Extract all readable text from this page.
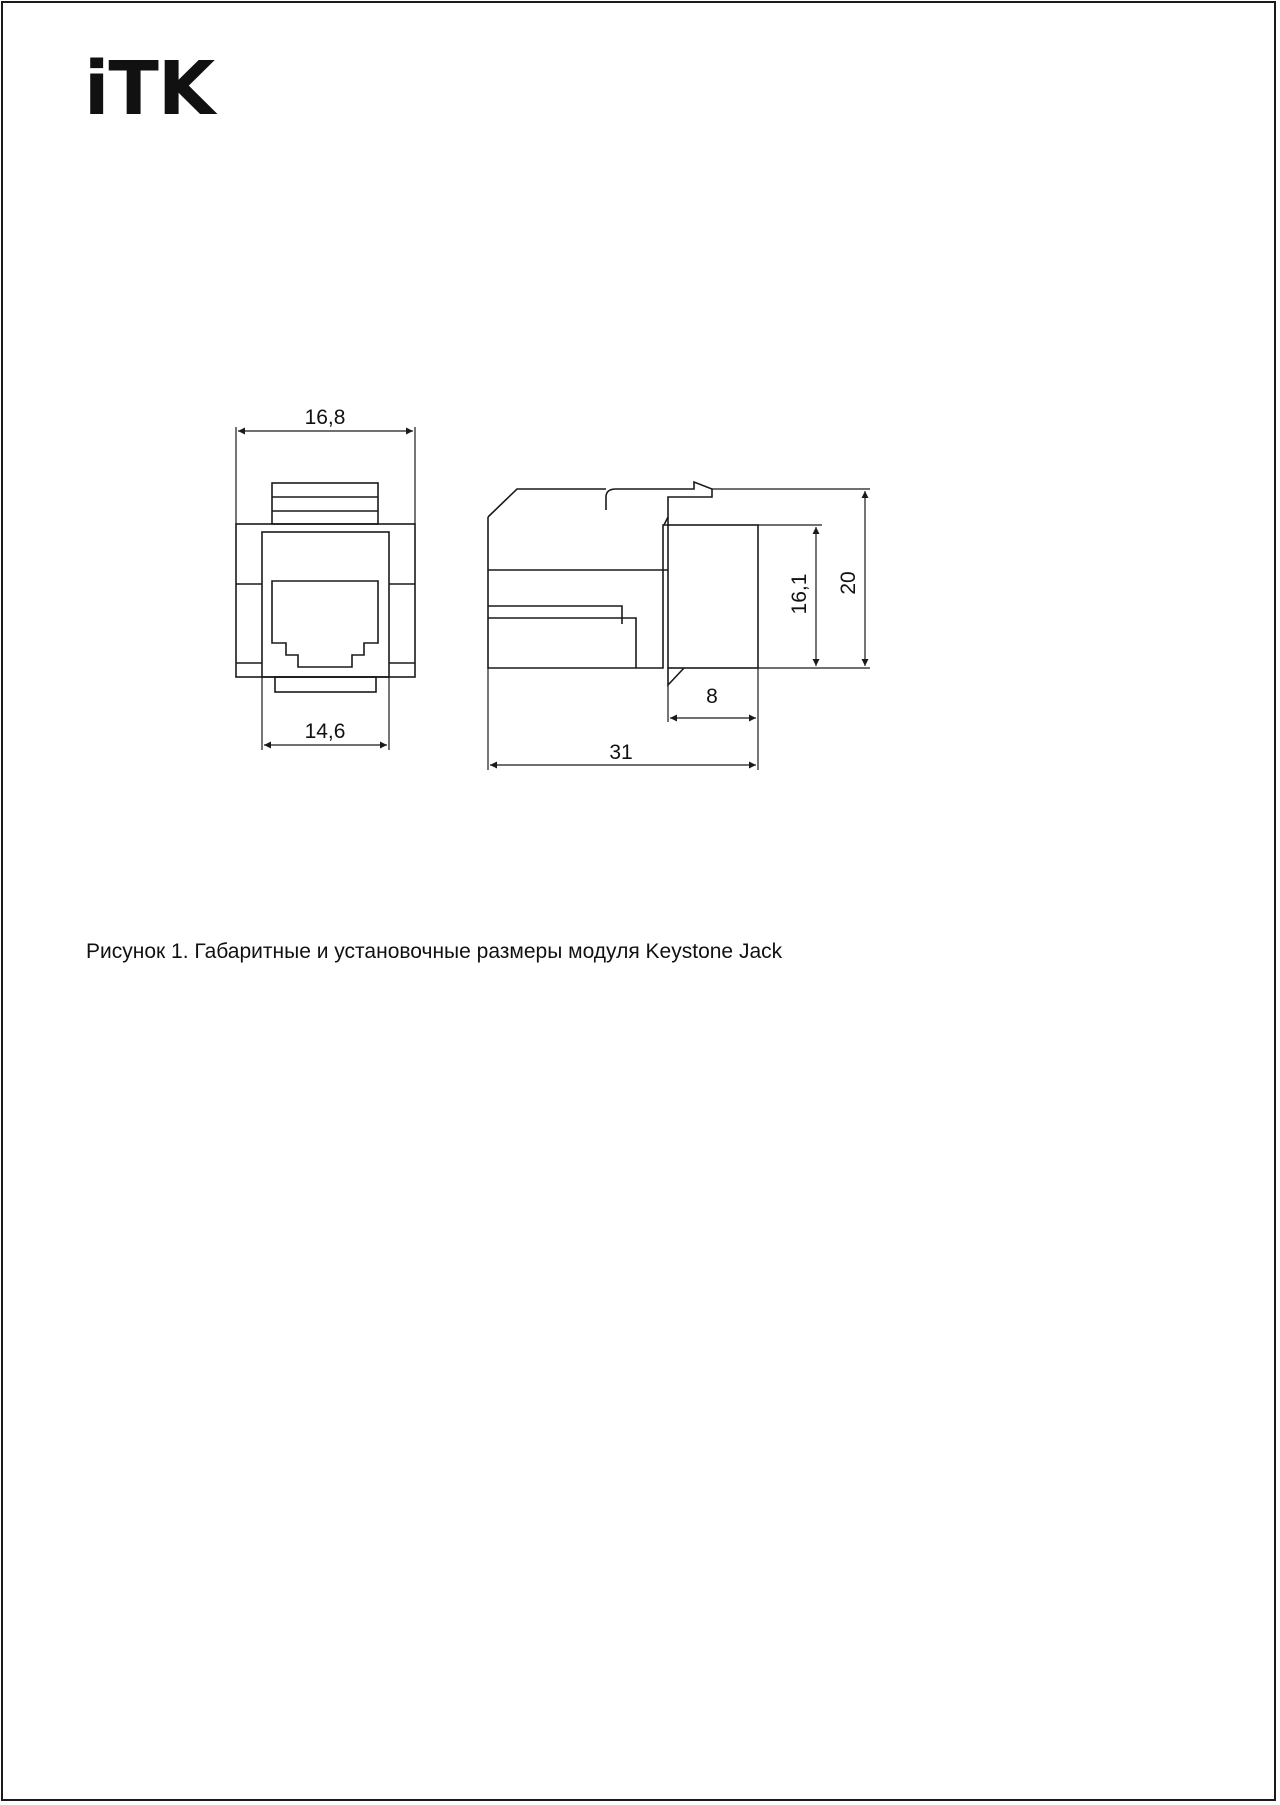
iTK
16,8
14,6
31
8
16,1 20

Рисунок 1. Габаритные и установочные размеры модуля Keystone Jack
